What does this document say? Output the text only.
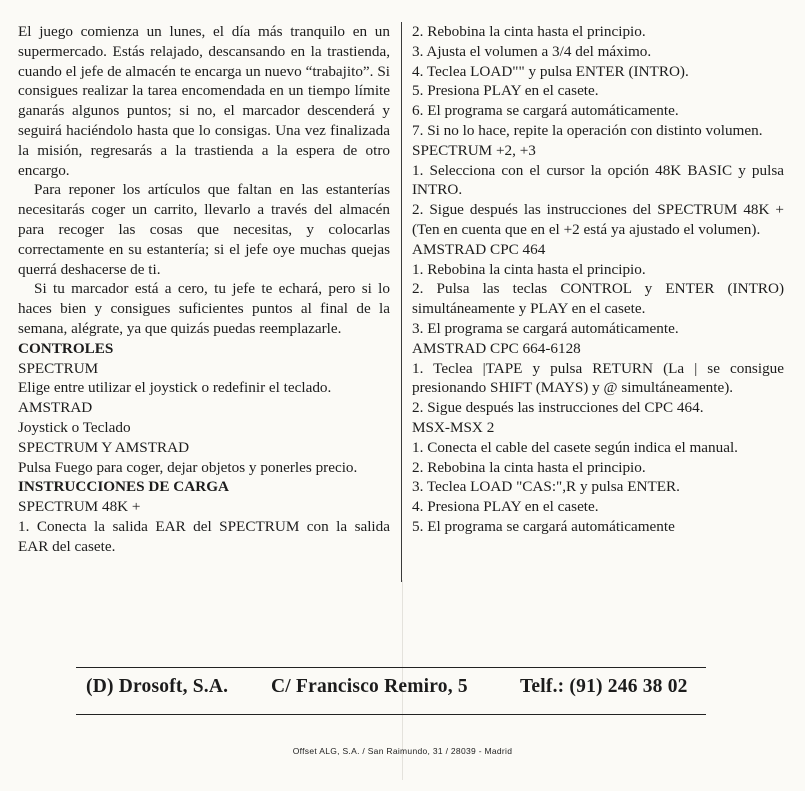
El juego comienza un lunes, el día más tranquilo en un supermercado. Estás relajado, descansando en la trastienda, cuando el jefe de almacén te encarga un nuevo “trabajito”. Si consigues realizar la tarea encomendada en un tiempo límite ganarás algunos puntos; si no, el marcador descenderá y seguirá haciéndolo hasta que lo consigas. Una vez finalizada la misión, regresarás a la trastienda a la espera de otro encargo.

Para reponer los artículos que faltan en las estanterías necesitarás coger un carrito, llevarlo a través del almacén para recoger las cosas que necesitas, y colocarlas correctamente en su estantería; si el jefe oye muchas quejas querrá deshacerse de ti.

Si tu marcador está a cero, tu jefe te echará, pero si lo haces bien y consigues suficientes puntos al final de la semana, alégrate, ya que quizás puedas reemplazarle.

CONTROLES

SPECTRUM

Elige entre utilizar el joystick o redefinir el teclado.

AMSTRAD

Joystick o Teclado

SPECTRUM Y AMSTRAD

Pulsa Fuego para coger, dejar objetos y ponerles precio.

INSTRUCCIONES DE CARGA

SPECTRUM 48K +

1. Conecta la salida EAR del SPECTRUM con la salida EAR del casete.

2. Rebobina la cinta hasta el principio.

3. Ajusta el volumen a 3/4 del máximo.

4. Teclea LOAD"" y pulsa ENTER (INTRO).

5. Presiona PLAY en el casete.

6. El programa se cargará automáticamente.

7. Si no lo hace, repite la operación con distinto volumen.

SPECTRUM +2, +3

1. Selecciona con el cursor la opción 48K BASIC y pulsa INTRO.

2. Sigue después las instrucciones del SPECTRUM 48K + (Ten en cuenta que en el +2 está ya ajustado el volumen).

AMSTRAD CPC 464

1. Rebobina la cinta hasta el principio.

2. Pulsa las teclas CONTROL y ENTER (INTRO) simultáneamente y PLAY en el casete.

3. El programa se cargará automáticamente.

AMSTRAD CPC 664-6128

1. Teclea |TAPE y pulsa RETURN (La | se consigue presionando SHIFT (MAYS) y @ simultáneamente).

2. Sigue después las instrucciones del CPC 464.

MSX-MSX 2

1. Conecta el cable del casete según indica el manual.

2. Rebobina la cinta hasta el principio.

3. Teclea LOAD "CAS:",R y pulsa ENTER.

4. Presiona PLAY en el casete.

5. El programa se cargará automáticamente

(D) Drosoft, S.A. C/ Francisco Remiro, 5	Telf.: (91) 246 38 02
Offset ALG, S.A. / San Raimundo, 31 / 28039 - Madrid
